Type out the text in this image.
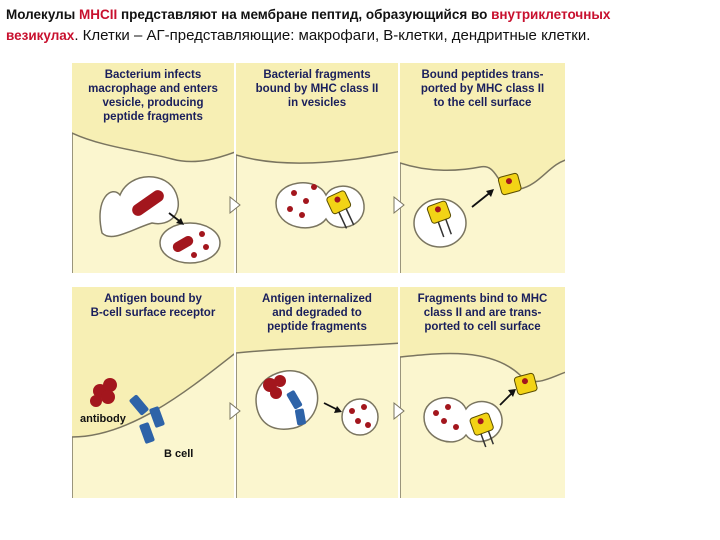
Молекулы MHCII представляют на мембране пептид, образующийся во внутриклеточных
везикулах. Клетки – АГ-представляющие: макрофаги, В-клетки, дендритные клетки.
Bacterium infects
macrophage and enters
vesicle, producing
peptide fragments
Bacterial fragments
bound by MHC class II
in vesicles
Bound peptides trans-
ported by MHC class II
to the cell surface
Antigen bound by
B-cell surface receptor
antibody
B cell
Antigen internalized
and degraded to
peptide fragments
Fragments bind to MHC
class II and are trans-
ported to cell surface
